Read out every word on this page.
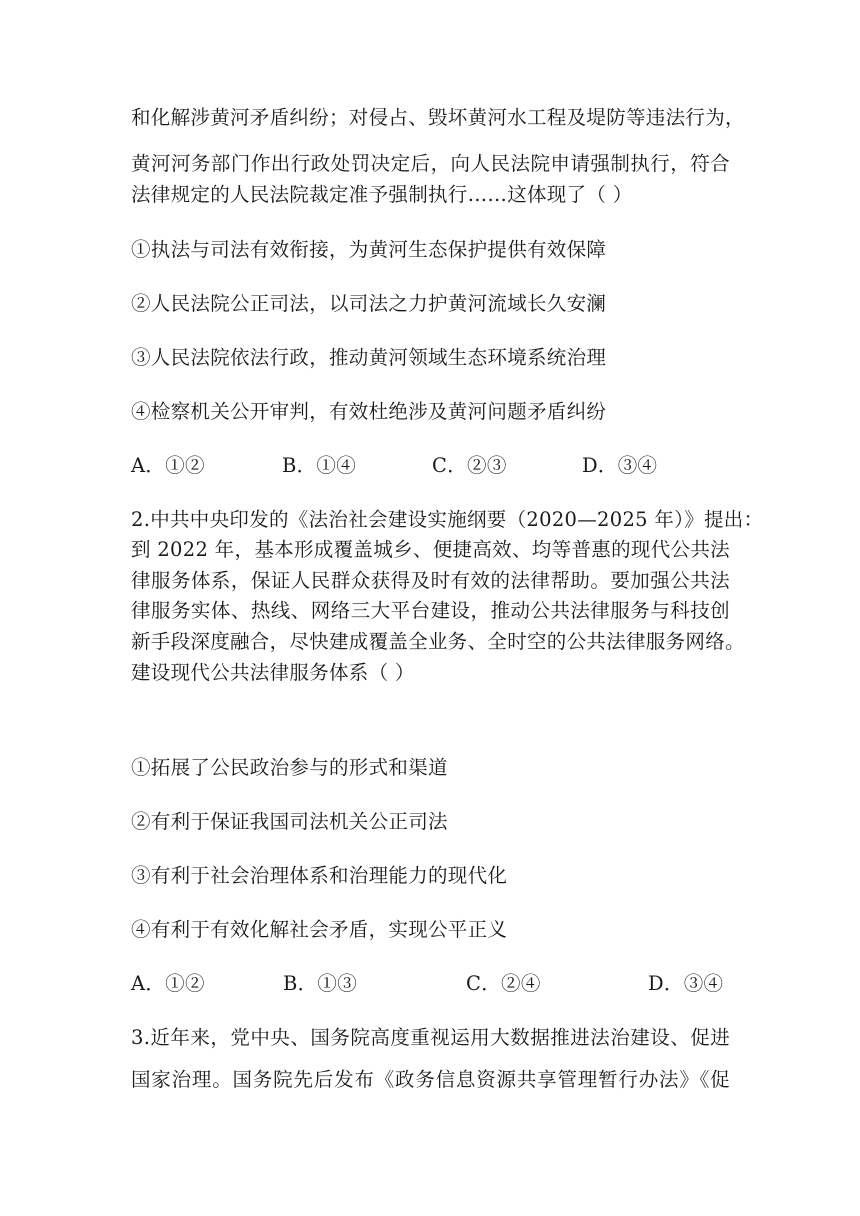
和化解涉黄河矛盾纠纷；对侵占、毁坏黄河水工程及堤防等违法行为，
黄河河务部门作出行政处罚决定后，向人民法院申请强制执行，符合
法律规定的人民法院裁定准予强制执行……这体现了（ ）
①执法与司法有效衔接，为黄河生态保护提供有效保障
②人民法院公正司法，以司法之力护黄河流域长久安澜
③人民法院依法行政，推动黄河领域生态环境系统治理
④检察机关公开审判，有效杜绝涉及黄河问题矛盾纠纷
A．①②	B．①④	C．②③	D．③④
2.中共中央印发的《法治社会建设实施纲要（2020—2025 年）》提出：
到 2022 年，基本形成覆盖城乡、便捷高效、均等普惠的现代公共法
律服务体系，保证人民群众获得及时有效的法律帮助。要加强公共法
律服务实体、热线、网络三大平台建设，推动公共法律服务与科技创
新手段深度融合，尽快建成覆盖全业务、全时空的公共法律服务网络。
建设现代公共法律服务体系（ ）
①拓展了公民政治参与的形式和渠道
②有利于保证我国司法机关公正司法
③有利于社会治理体系和治理能力的现代化
④有利于有效化解社会矛盾，实现公平正义
A．①②	B．①③	C．②④	D．③④
3.近年来，党中央、国务院高度重视运用大数据推进法治建设、促进
国家治理。国务院先后发布《政务信息资源共享管理暂行办法》《促
